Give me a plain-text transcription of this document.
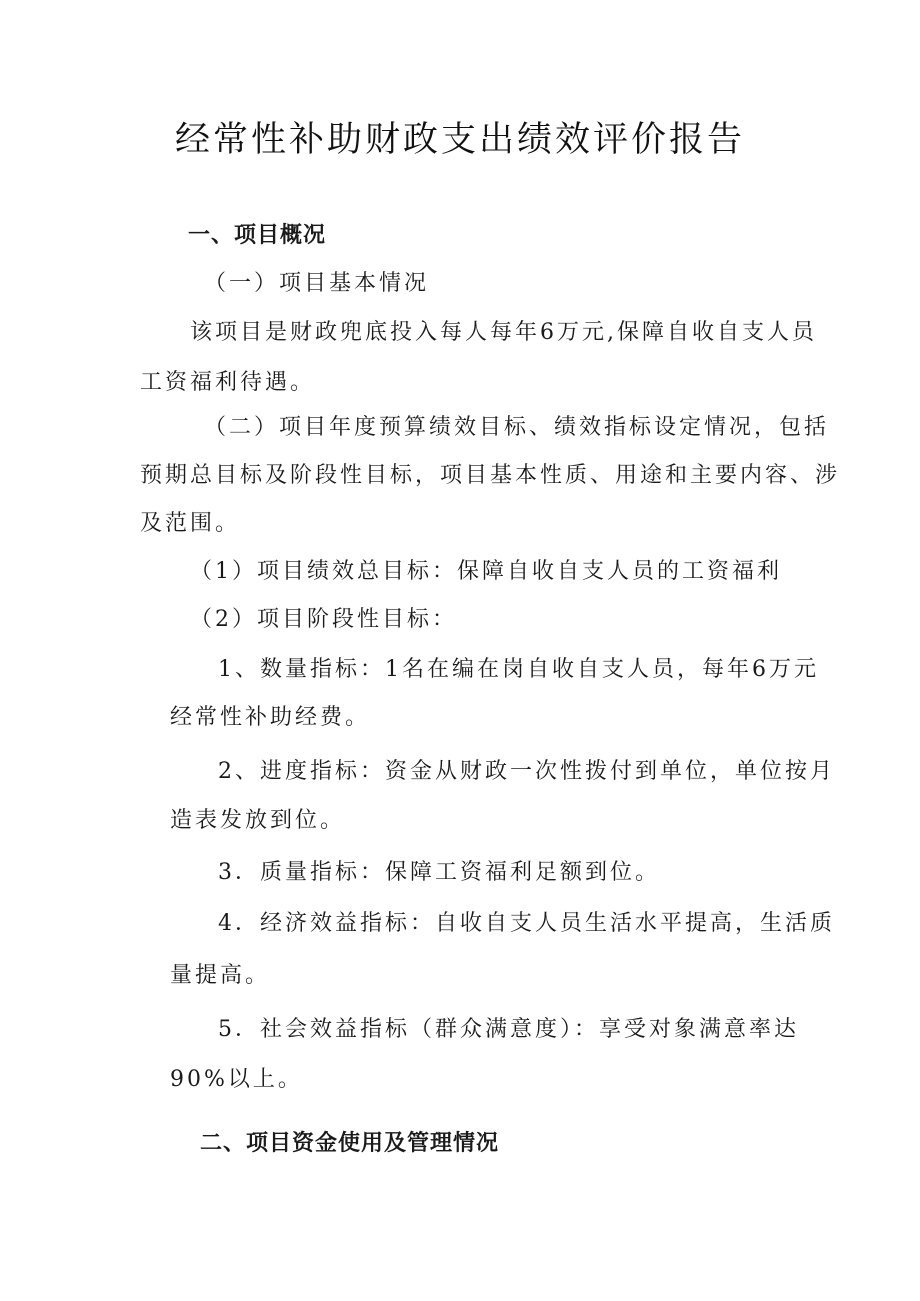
经常性补助财政支出绩效评价报告
一、项目概况
（一）项目基本情况
该项目是财政兜底投入每人每年6万元,保障自收自支人员
工资福利待遇。
（二）项目年度预算绩效目标、绩效指标设定情况，包括
预期总目标及阶段性目标，项目基本性质、用途和主要内容、涉
及范围。
（1）项目绩效总目标：保障自收自支人员的工资福利
（2）项目阶段性目标：
1、数量指标：1名在编在岗自收自支人员，每年6万元
经常性补助经费。
2、进度指标：资金从财政一次性拨付到单位，单位按月
造表发放到位。
3．质量指标：保障工资福利足额到位。
4．经济效益指标：自收自支人员生活水平提高，生活质
量提高。
5．社会效益指标（群众满意度）：享受对象满意率达
90%以上。
二、项目资金使用及管理情况
